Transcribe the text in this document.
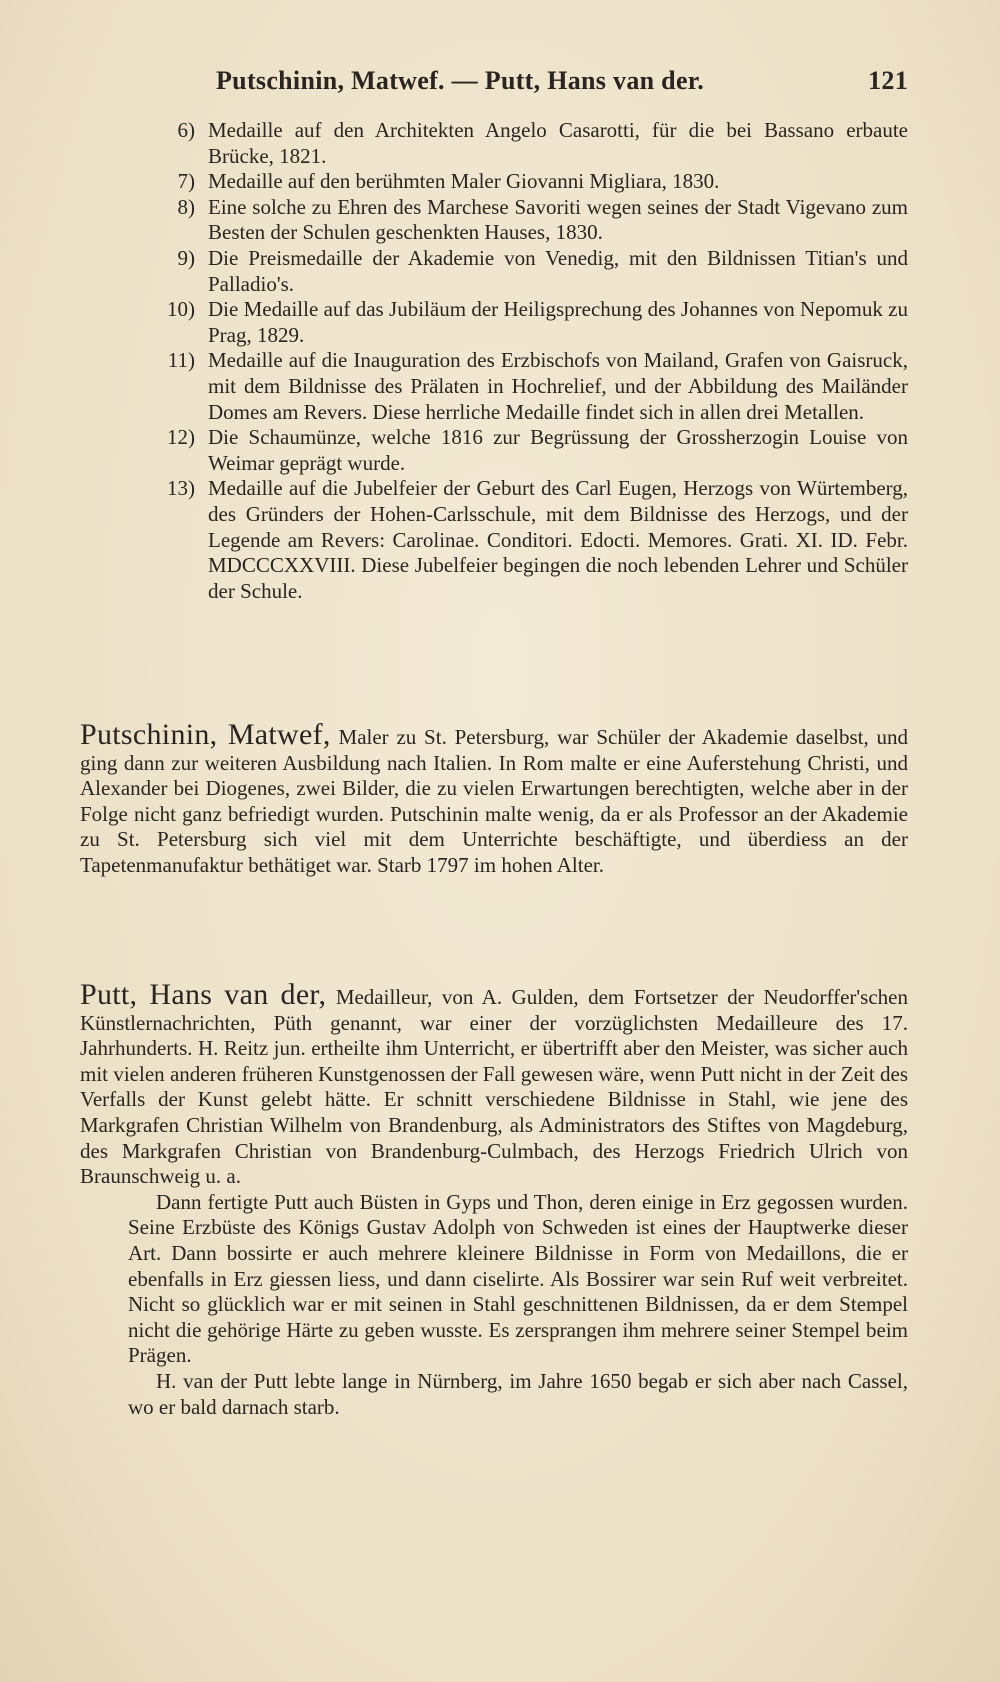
Putschinin, Matwef. — Putt, Hans van der.	121
6) Medaille auf den Architekten Angelo Casarotti, für die bei Bassano erbaute Brücke, 1821.
7) Medaille auf den berühmten Maler Giovanni Migliara, 1830.
8) Eine solche zu Ehren des Marchese Savoriti wegen seines der Stadt Vigevano zum Besten der Schulen geschenkten Hauses, 1830.
9) Die Preismedaille der Akademie von Venedig, mit den Bildnissen Titian's und Palladio's.
10) Die Medaille auf das Jubiläum der Heiligsprechung des Johannes von Nepomuk zu Prag, 1829.
11) Medaille auf die Inauguration des Erzbischofs von Mailand, Grafen von Gaisruck, mit dem Bildnisse des Prälaten in Hochrelief, und der Abbildung des Mailänder Domes am Revers. Diese herrliche Medaille findet sich in allen drei Metallen.
12) Die Schaumünze, welche 1816 zur Begrüssung der Grossherzogin Louise von Weimar geprägt wurde.
13) Medaille auf die Jubelfeier der Geburt des Carl Eugen, Herzogs von Würtemberg, des Gründers der Hohen-Carlsschule, mit dem Bildnisse des Herzogs, und der Legende am Revers: Carolinae. Conditori. Edocti. Memores. Grati. XI. ID. Febr. MDCCCXXVIII. Diese Jubelfeier begingen die noch lebenden Lehrer und Schüler der Schule.

Putschinin, Matwef, Maler zu St. Petersburg, war Schüler der Akademie daselbst, und ging dann zur weiteren Ausbildung nach Italien. In Rom malte er eine Auferstehung Christi, und Alexander bei Diogenes, zwei Bilder, die zu vielen Erwartungen berechtigten, welche aber in der Folge nicht ganz befriedigt wurden. Putschinin malte wenig, da er als Professor an der Akademie zu St. Petersburg sich viel mit dem Unterrichte beschäftigte, und überdiess an der Tapetenmanufaktur bethätiget war. Starb 1797 im hohen Alter.

Putt, Hans van der, Medailleur, von A. Gulden, dem Fortsetzer der Neudorffer'schen Künstlernachrichten, Püth genannt, war einer der vorzüglichsten Medailleure des 17. Jahrhunderts. H. Reitz jun. ertheilte ihm Unterricht, er übertrifft aber den Meister, was sicher auch mit vielen anderen früheren Kunstgenossen der Fall gewesen wäre, wenn Putt nicht in der Zeit des Verfalls der Kunst gelebt hätte. Er schnitt verschiedene Bildnisse in Stahl, wie jene des Markgrafen Christian Wilhelm von Brandenburg, als Administrators des Stiftes von Magdeburg, des Markgrafen Christian von Brandenburg-Culmbach, des Herzogs Friedrich Ulrich von Braunschweig u. a.

Dann fertigte Putt auch Büsten in Gyps und Thon, deren einige in Erz gegossen wurden. Seine Erzbüste des Königs Gustav Adolph von Schweden ist eines der Hauptwerke dieser Art. Dann bossirte er auch mehrere kleinere Bildnisse in Form von Medaillons, die er ebenfalls in Erz giessen liess, und dann ciselirte. Als Bossirer war sein Ruf weit verbreitet. Nicht so glücklich war er mit seinen in Stahl geschnittenen Bildnissen, da er dem Stempel nicht die gehörige Härte zu geben wusste. Es zersprangen ihm mehrere seiner Stempel beim Prägen.

H. van der Putt lebte lange in Nürnberg, im Jahre 1650 begab er sich aber nach Cassel, wo er bald darnach starb.
